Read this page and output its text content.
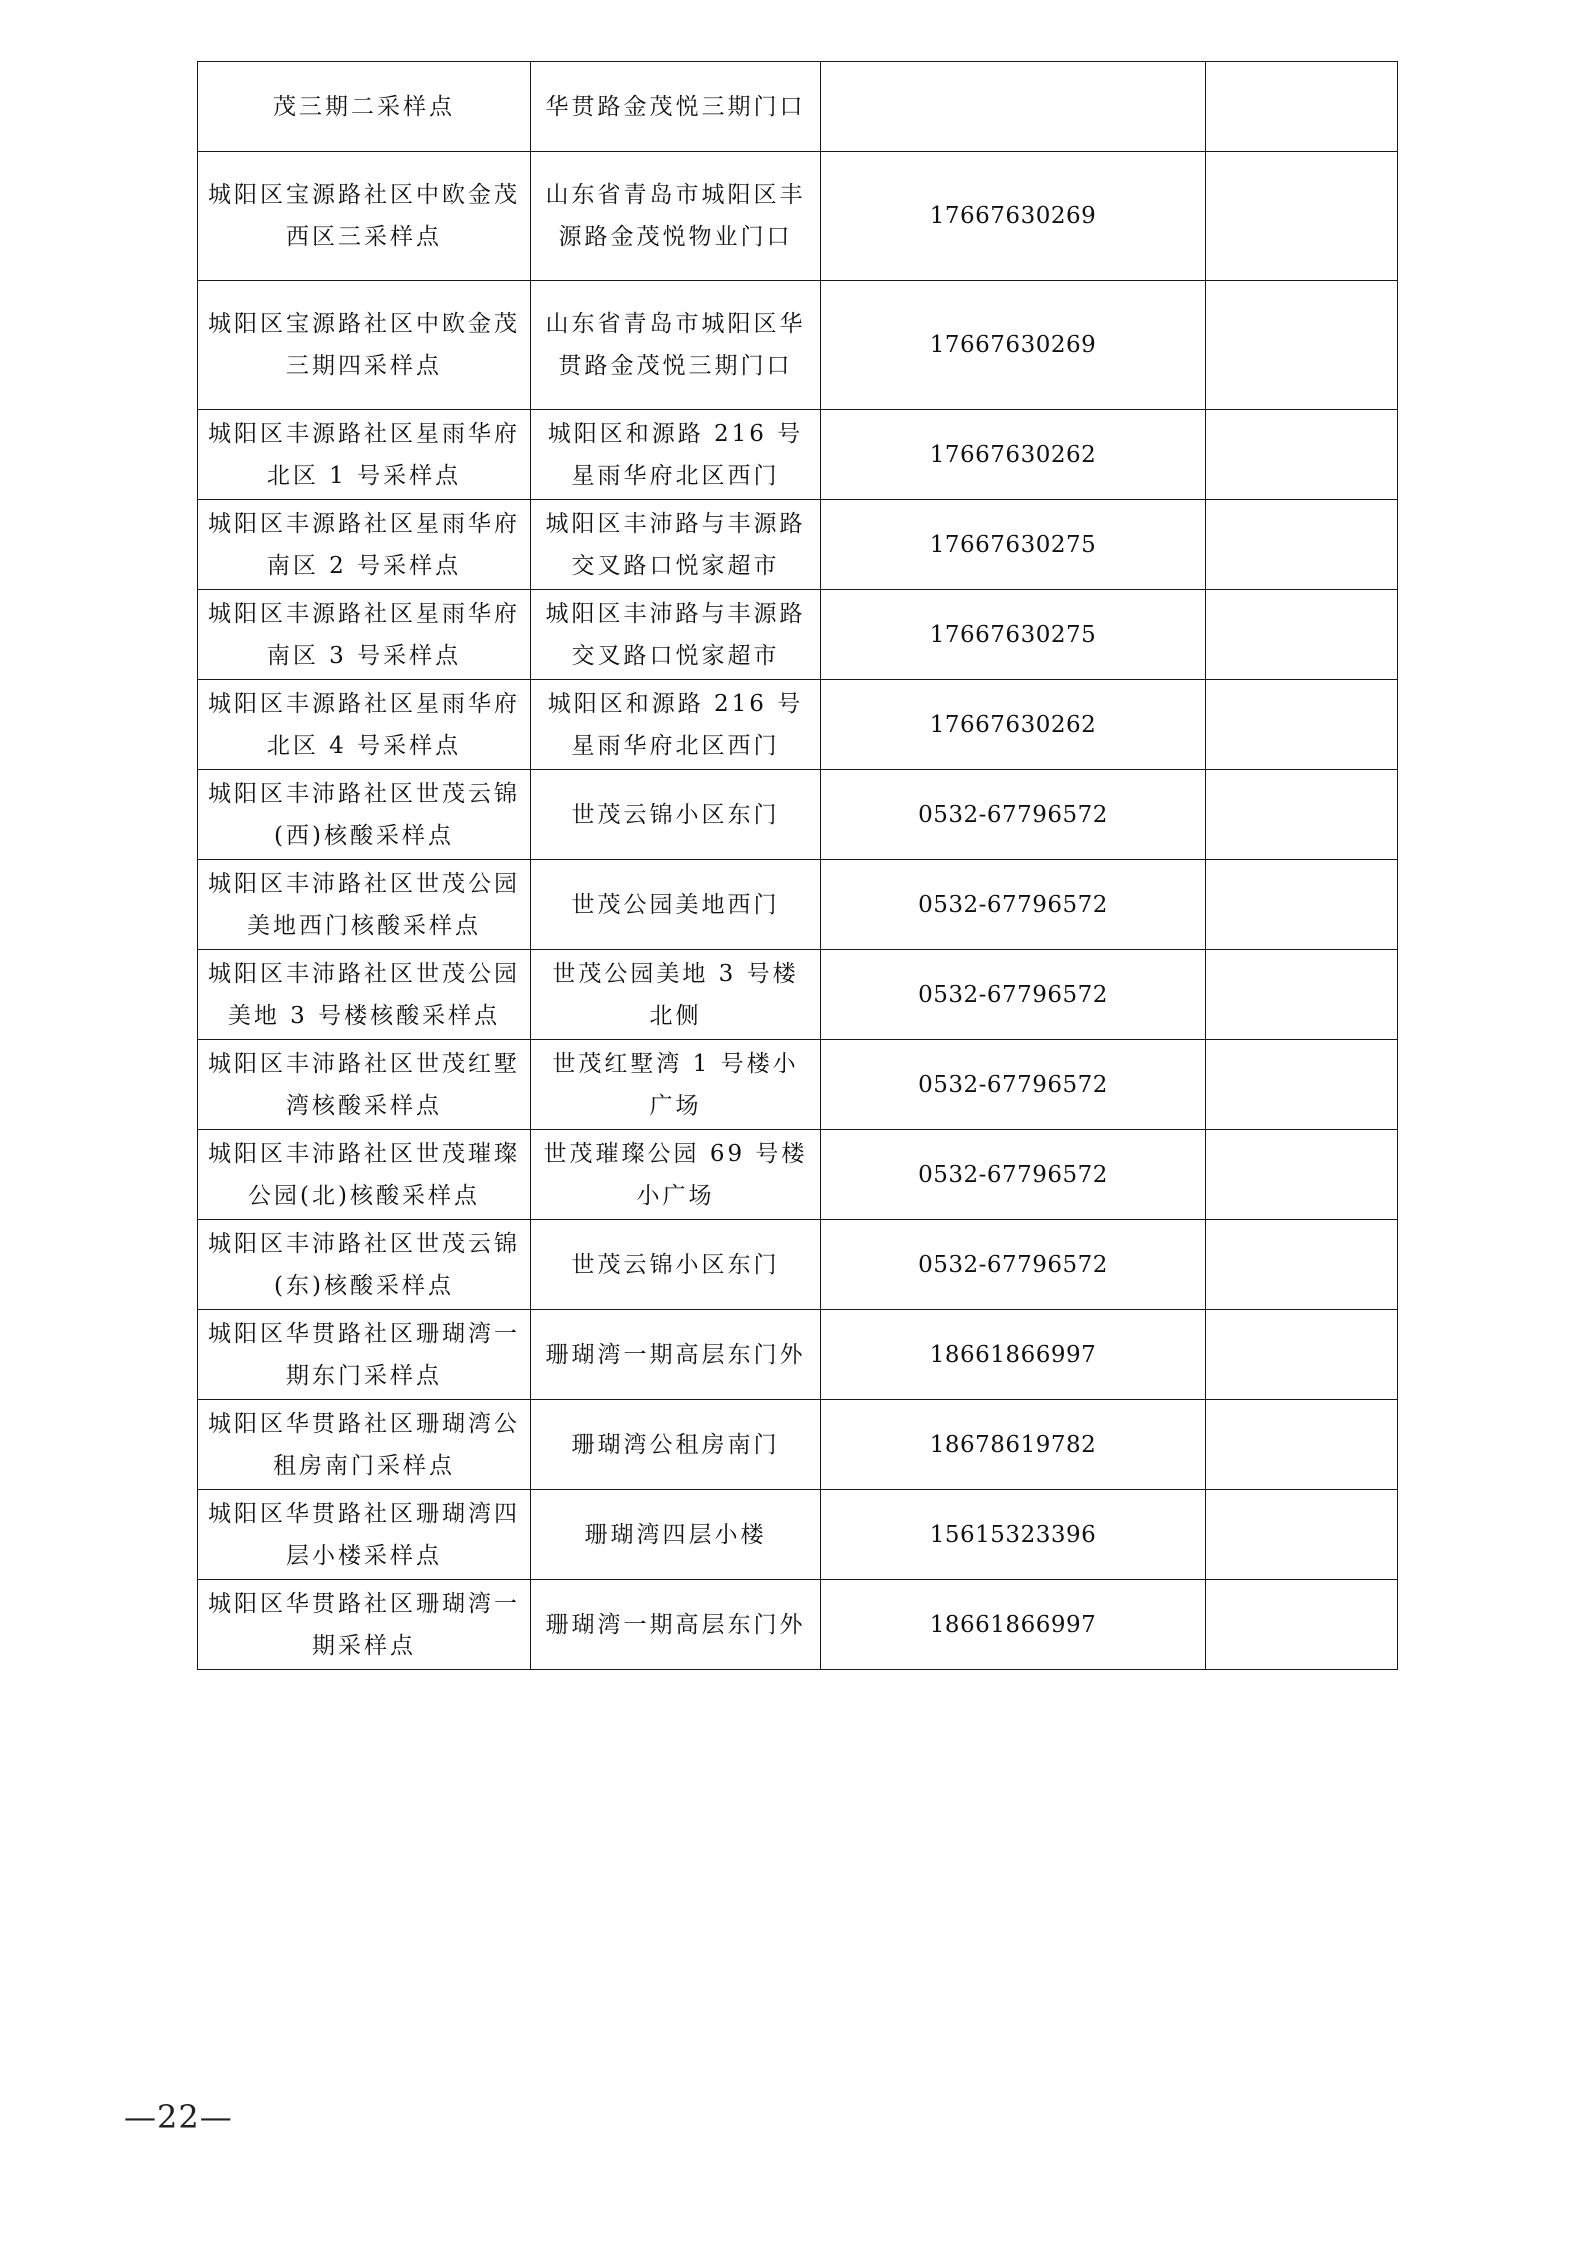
茂三期二采样点	华贯路金茂悦三期门口		
城阳区宝源路社区中欧金茂西区三采样点	山东省青岛市城阳区丰源路金茂悦物业门口	17667630269	
城阳区宝源路社区中欧金茂三期四采样点	山东省青岛市城阳区华贯路金茂悦三期门口	17667630269	
城阳区丰源路社区星雨华府北区 1 号采样点	城阳区和源路 216 号星雨华府北区西门	17667630262	
城阳区丰源路社区星雨华府南区 2 号采样点	城阳区丰沛路与丰源路交叉路口悦家超市	17667630275	
城阳区丰源路社区星雨华府南区 3 号采样点	城阳区丰沛路与丰源路交叉路口悦家超市	17667630275	
城阳区丰源路社区星雨华府北区 4 号采样点	城阳区和源路 216 号星雨华府北区西门	17667630262	
城阳区丰沛路社区世茂云锦(西)核酸采样点	世茂云锦小区东门	0532-67796572	
城阳区丰沛路社区世茂公园美地西门核酸采样点	世茂公园美地西门	0532-67796572	
城阳区丰沛路社区世茂公园美地 3 号楼核酸采样点	世茂公园美地 3 号楼北侧	0532-67796572	
城阳区丰沛路社区世茂红墅湾核酸采样点	世茂红墅湾 1 号楼小广场	0532-67796572	
城阳区丰沛路社区世茂璀璨公园(北)核酸采样点	世茂璀璨公园 69 号楼小广场	0532-67796572	
城阳区丰沛路社区世茂云锦(东)核酸采样点	世茂云锦小区东门	0532-67796572	
城阳区华贯路社区珊瑚湾一期东门采样点	珊瑚湾一期高层东门外	18661866997	
城阳区华贯路社区珊瑚湾公租房南门采样点	珊瑚湾公租房南门	18678619782	
城阳区华贯路社区珊瑚湾四层小楼采样点	珊瑚湾四层小楼	15615323396	
城阳区华贯路社区珊瑚湾一期采样点	珊瑚湾一期高层东门外	18661866997	
—22—
